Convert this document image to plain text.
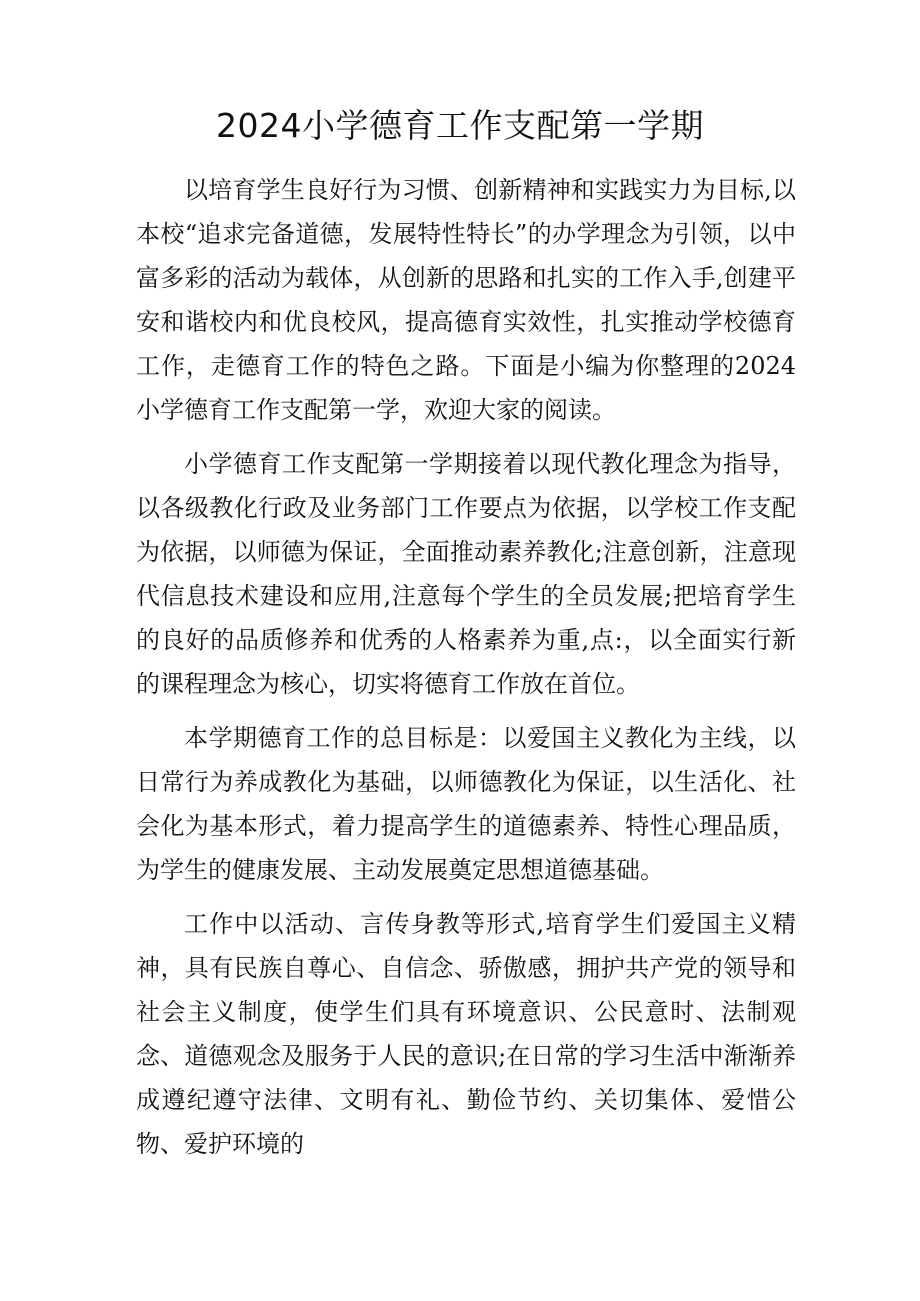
2024小学德育工作支配第一学期

以培育学生良好行为习惯、创新精神和实践实力为目标,以本校“追求完备道德，发展特性特长”的办学理念为引领，以中富多彩的活动为载体，从创新的思路和扎实的工作入手,创建平安和谐校内和优良校风，提高德育实效性，扎实推动学校德育工作，走德育工作的特色之路。下面是小编为你整理的2024小学德育工作支配第一学，欢迎大家的阅读。

小学德育工作支配第一学期接着以现代教化理念为指导，以各级教化行政及业务部门工作要点为依据，以学校工作支配为依据，以师德为保证，全面推动素养教化;注意创新，注意现代信息技术建设和应用,注意每个学生的全员发展;把培育学生的良好的品质修养和优秀的人格素养为重,点:，以全面实行新的课程理念为核心，切实将德育工作放在首位。

本学期德育工作的总目标是：以爱国主义教化为主线，以日常行为养成教化为基础，以师德教化为保证，以生活化、社会化为基本形式，着力提高学生的道德素养、特性心理品质，为学生的健康发展、主动发展奠定思想道德基础。

工作中以活动、言传身教等形式,培育学生们爱国主义精神，具有民族自尊心、自信念、骄傲感，拥护共产党的领导和社会主义制度，使学生们具有环境意识、公民意时、法制观念、道德观念及服务于人民的意识;在日常的学习生活中渐渐养成遵纪遵守法律、文明有礼、勤俭节约、关切集体、爱惜公物、爱护环境的
